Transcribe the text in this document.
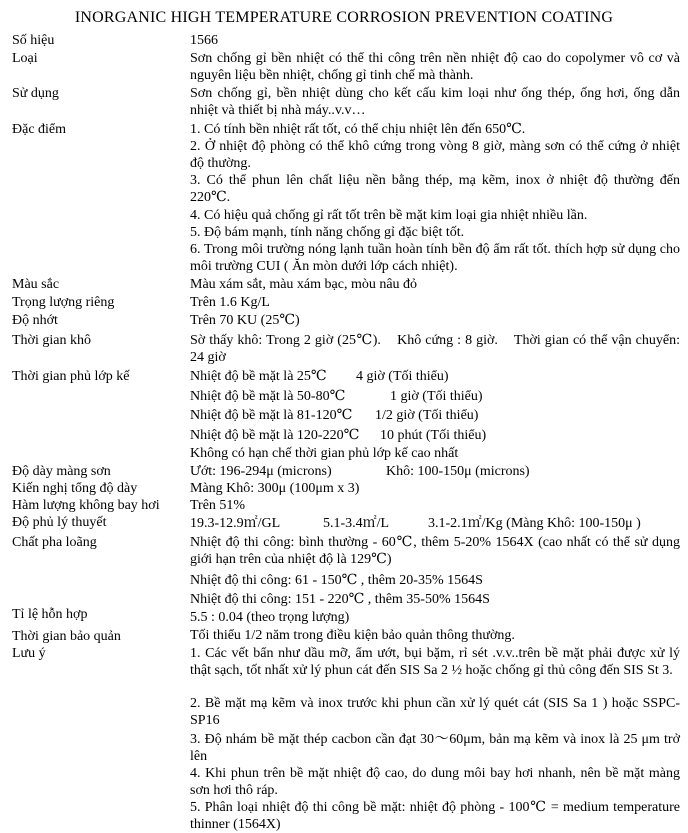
INORGANIC HIGH TEMPERATURE CORROSION PREVENTION COATING
Số hiệu	1566
Loại	Sơn chống gỉ bền nhiệt có thể thi công trên nền nhiệt độ cao do copolymer vô cơ và nguyên liệu bền nhiệt, chống gỉ tinh chế mà thành.
Sử dụng	Sơn chống gỉ, bền nhiệt dùng cho kết cấu kim loại như ống thép, ống hơi, ống dẫn nhiệt và thiết bị nhà máy..v.v…
Đặc điểm	1. Có tính bền nhiệt rất tốt, có thể chịu nhiệt lên đến 650℃.
2. Ở nhiệt độ phòng có thể khô cứng trong vòng 8 giờ, màng sơn có thể cứng ở nhiệt độ thường.
3. Có thể phun lên chất liệu nền bằng thép, mạ kẽm, inox ở nhiệt độ thường đến 220℃.
4. Có hiệu quả chống gỉ rất tốt trên bề mặt kim loại gia nhiệt nhiều lần.
5. Độ bám mạnh, tính năng chống gỉ đặc biệt tốt.
6. Trong môi trường nóng lạnh tuần hoàn tính bền độ ẩm rất tốt. thích hợp sử dụng cho môi trường CUI ( Ăn mòn dưới lớp cách nhiệt).
Màu sắc	Màu xám sắt, màu xám bạc, mòu nâu đỏ
Trọng lượng riêng	Trên 1.6 Kg/L
Độ nhớt	Trên 70 KU (25℃)
Thời gian khô	Sờ thấy khô: Trong 2 giờ (25℃).    Khô cứng : 8 giờ.    Thời gian có thể vận chuyển: 24 giờ
Thời gian phủ lớp kế	Nhiệt độ bề mặt là 25℃ 4 giờ (Tối thiểu)
Nhiệt độ bề mặt là 50-80℃	1 giờ (Tối thiểu)
Nhiệt độ bề mặt là 81-120℃ 1/2 giờ (Tối thiểu)
Nhiệt độ bề mặt là 120-220℃ 10 phút (Tối thiểu)
Không có hạn chế thời gian phủ lớp kế cao nhất
Độ dày màng sơn	Ướt: 196-294μ (microns)	Khô: 100-150μ (microns)
Kiến nghị tổng độ dày	Màng Khô: 300μ (100μm x 3)
Hàm lượng không bay hơi Trên 51%
Độ phủ lý thuyết	19.3-12.9㎡/GL	5.1-3.4㎡/L	3.1-2.1㎡/Kg (Màng Khô: 100-150μ )
Chất pha loãng	Nhiệt độ thi công: bình thường - 60℃, thêm 5-20% 1564X (cao nhất có thể sử dụng giới hạn trên của nhiệt độ là 129℃)
Nhiệt độ thi công: 61 - 150℃ , thêm 20-35% 1564S
Nhiệt độ thi công: 151 - 220℃ , thêm 35-50% 1564S
Tỉ lệ hỗn hợp	5.5 : 0.04 (theo trọng lượng)
Thời gian bảo quản	Tối thiểu 1/2 năm trong điều kiện bảo quản thông thường.
Lưu ý	1. Các vết bẩn như dầu mỡ, ẩm ướt, bụi bặm, rỉ sét .v.v..trên bề mặt phải được xử lý thật sạch, tốt nhất xử lý phun cát đến SIS Sa 2 ½ hoặc chống gỉ thủ công đến SIS St 3.
2. Bề mặt mạ kẽm và inox trước khi phun cần xử lý quét cát (SIS Sa 1 ) hoặc SSPC-SP16
3. Độ nhám bề mặt thép cacbon cần đạt 30～60μm, bản mạ kẽm và inox là 25 μm trở lên
4. Khi phun trên bề mặt nhiệt độ cao, do dung môi bay hơi nhanh, nên bề mặt màng sơn hơi thô ráp.
5. Phân loại nhiệt độ thi công bề mặt: nhiệt độ phòng - 100℃ = medium temperature thinner (1564X)
